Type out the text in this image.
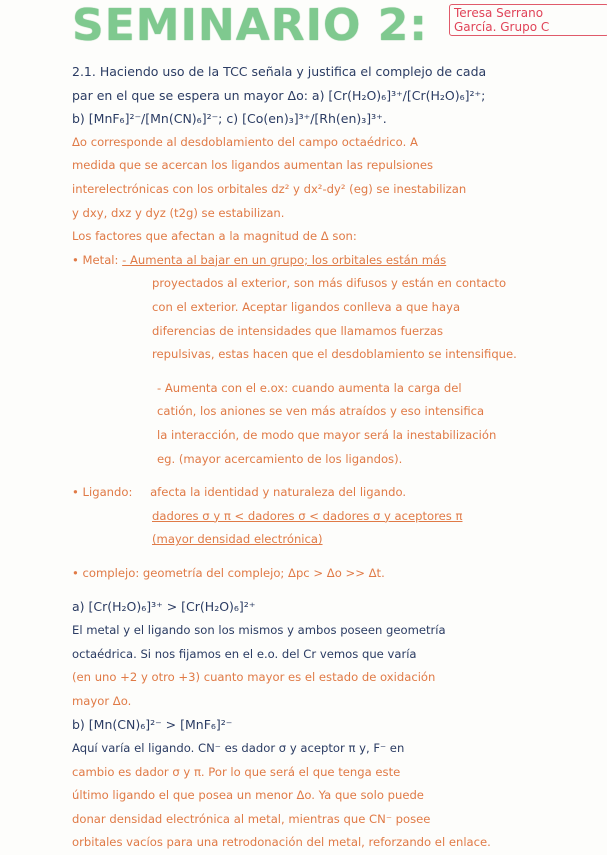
SEMINARIO 2: Teresa Serrano
García. Grupo C
2.1. Haciendo uso de la TCC señala y justifica el complejo de cada
par en el que se espera un mayor Δo: a) [Cr(H₂O)₆]³⁺/[Cr(H₂O)₆]²⁺;
b) [MnF₆]²⁻/[Mn(CN)₆]²⁻; c) [Co(en)₃]³⁺/[Rh(en)₃]³⁺.
Δo corresponde al desdoblamiento del campo octaédrico. A
medida que se acercan los ligandos aumentan las repulsiones
interelectrónicas con los orbitales dz² y dx²-dy² (eg) se inestabilizan
y dxy, dxz y dyz (t2g) se estabilizan.
Los factores que afectan a la magnitud de Δ son:
• Metal: - Aumenta al bajar en un grupo; los orbitales están más
proyectados al exterior, son más difusos y están en contacto
con el exterior. Aceptar ligandos conlleva a que haya
diferencias de intensidades que llamamos fuerzas
repulsivas, estas hacen que el desdoblamiento se intensifique.
- Aumenta con el e.ox: cuando aumenta la carga del
catión, los aniones se ven más atraídos y eso intensifica
la interacción, de modo que mayor será la inestabilización
eg. (mayor acercamiento de los ligandos).
• Ligando: afecta la identidad y naturaleza del ligando.
dadores σ y π < dadores σ < dadores σ y aceptores π
(mayor densidad electrónica)
• complejo: geometría del complejo; Δpc > Δo >> Δt.
a) [Cr(H₂O)₆]³⁺ > [Cr(H₂O)₆]²⁺
El metal y el ligando son los mismos y ambos poseen geometría
octaédrica. Si nos fijamos en el e.o. del Cr vemos que varía
(en uno +2 y otro +3) cuanto mayor es el estado de oxidación
mayor Δo.
b) [Mn(CN)₆]²⁻ > [MnF₆]²⁻
Aquí varía el ligando. CN⁻ es dador σ y aceptor π y, F⁻ en
cambio es dador σ y π. Por lo que será el que tenga este
último ligando el que posea un menor Δo. Ya que solo puede
donar densidad electrónica al metal, mientras que CN⁻ posee
orbitales vacíos para una retrodonación del metal, reforzando el enlace.
